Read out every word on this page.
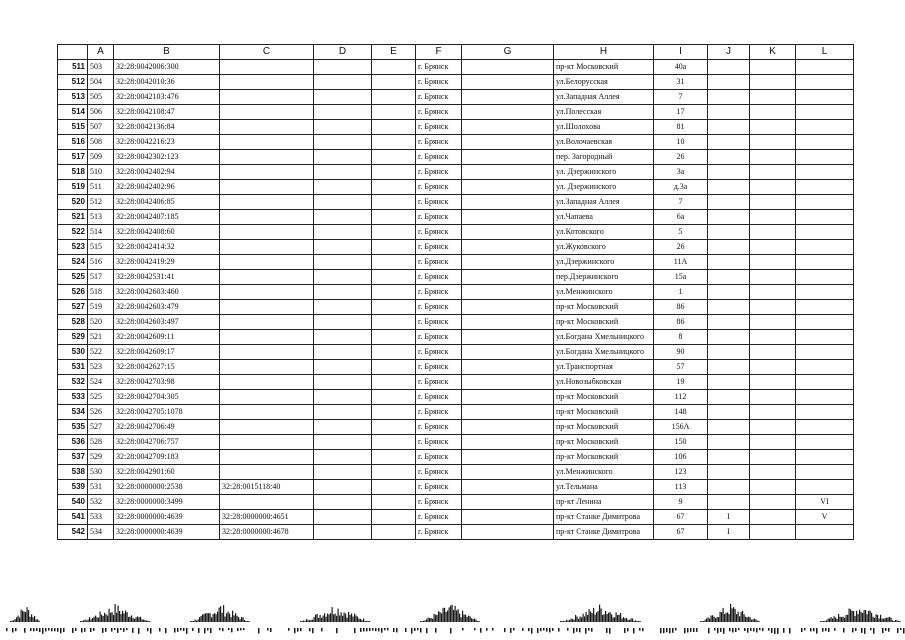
	A	B	C	D	E	F	G	H	I	J	K	L
511	503	32:28:0042006:300				г. Брянск		пр-кт Московский	40а			
512	504	32:28:0042010:36				г. Брянск		ул.Белорусская	31			
513	505	32:28:0042103:476				г. Брянск		ул.Западная Аллея	7			
514	506	32:28:0042108:47				г. Брянск		ул.Полесская	17			
515	507	32:28:0042136:84				г. Брянск		ул.Шолохова	81			
516	508	32:28:0042216:23				г. Брянск		ул.Волочаевская	10			
517	509	32:28:0042302:123				г. Брянск		пер. Загородный	26			
518	510	32:28:0042402:94				г. Брянск		ул. Дзержинского	3а			
519	511	32:28:0042402:96				г. Брянск		ул. Дзержинского	д.3а			
520	512	32:28:0042406:85				г. Брянск		ул.Западная Аллея	7			
521	513	32:28:0042407:185				г. Брянск		ул.Чапаева	6а			
522	514	32:28:0042408:60				г. Брянск		ул.Котовского	5			
523	515	32:28:0042414:32				г. Брянск		ул.Жуковского	26			
524	516	32:28:0042419:29				г. Брянск		ул.Дзержинского	11А			
525	517	32:28:0042531:41				г. Брянск		пер.Дзержинского	15а			
526	518	32:28:0042603:460				г. Брянск		ул.Менжинского	1			
527	519	32:28:0042603:479				г. Брянск		пр-кт Московский	86			
528	520	32:28:0042603:497				г. Брянск		пр-кт Московский	86			
529	521	32:28:0042609:11				г. Брянск		ул.Богдана Хмельницкого	8			
530	522	32:28:0042609:17				г. Брянск		ул.Богдана Хмельницкого	90			
531	523	32:28:0042627:15				г. Брянск		ул.Транспортная	57			
532	524	32:28:0042703:98				г. Брянск		ул.Новозыбковская	19			
533	525	32:28:0042704:305				г. Брянск		пр-кт Московский	112			
534	526	32:28:0042705:1078				г. Брянск		пр-кт Московский	148			
535	527	32:28:0042706:49				г. Брянск		пр-кт Московский	156А			
536	528	32:28:0042706:757				г. Брянск		пр-кт Московский	150			
537	529	32:28:0042709:183				г. Брянск		пр-кт Московский	106			
538	530	32:28:0042901:60				г. Брянск		ул.Менжинского	123			
539	531	32:28:0000000:2538	32:28:0015118:40			г. Брянск		ул.Тельмана	113			
540	532	32:28:0000000:3499				г. Брянск		пр-кт Ленина	9			VI
541	533	32:28:0000000:4639	32:28:0000000:4651			г. Брянск		пр-кт Станке Димитрова	67	I		V
542	534	32:28:0000000:4639	32:28:0000000:4678			г. Брянск		пр-кт Станке Димитрова	67	I		
